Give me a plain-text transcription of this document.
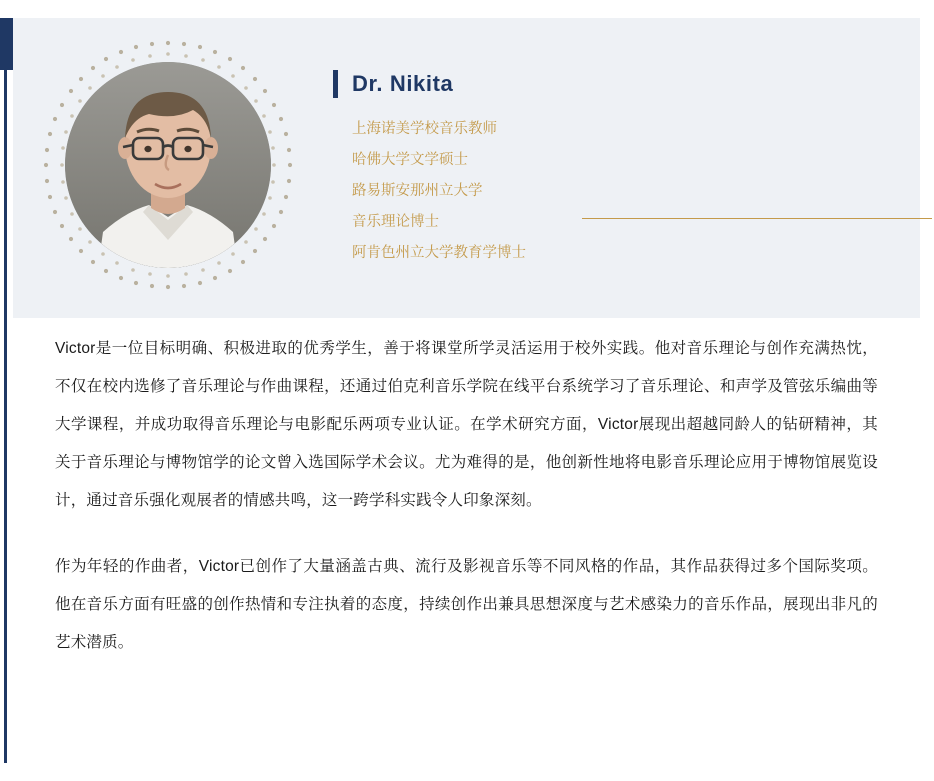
Dr. Nikita
上海诺美学校音乐教师
哈佛大学文学硕士
路易斯安那州立大学
音乐理论博士
阿肯色州立大学教育学博士

Victor是一位目标明确、积极进取的优秀学生，善于将课堂所学灵活运用于校外实践。他对音乐理论与创作充满热忱，不仅在校内选修了音乐理论与作曲课程，还通过伯克利音乐学院在线平台系统学习了音乐理论、和声学及管弦乐编曲等大学课程，并成功取得音乐理论与电影配乐两项专业认证。在学术研究方面，Victor展现出超越同龄人的钻研精神，其关于音乐理论与博物馆学的论文曾入选国际学术会议。尤为难得的是，他创新性地将电影音乐理论应用于博物馆展览设计，通过音乐强化观展者的情感共鸣，这一跨学科实践令人印象深刻。

作为年轻的作曲者，Victor已创作了大量涵盖古典、流行及影视音乐等不同风格的作品，其作品获得过多个国际奖项。他在音乐方面有旺盛的创作热情和专注执着的态度，持续创作出兼具思想深度与艺术感染力的音乐作品，展现出非凡的艺术潜质。
